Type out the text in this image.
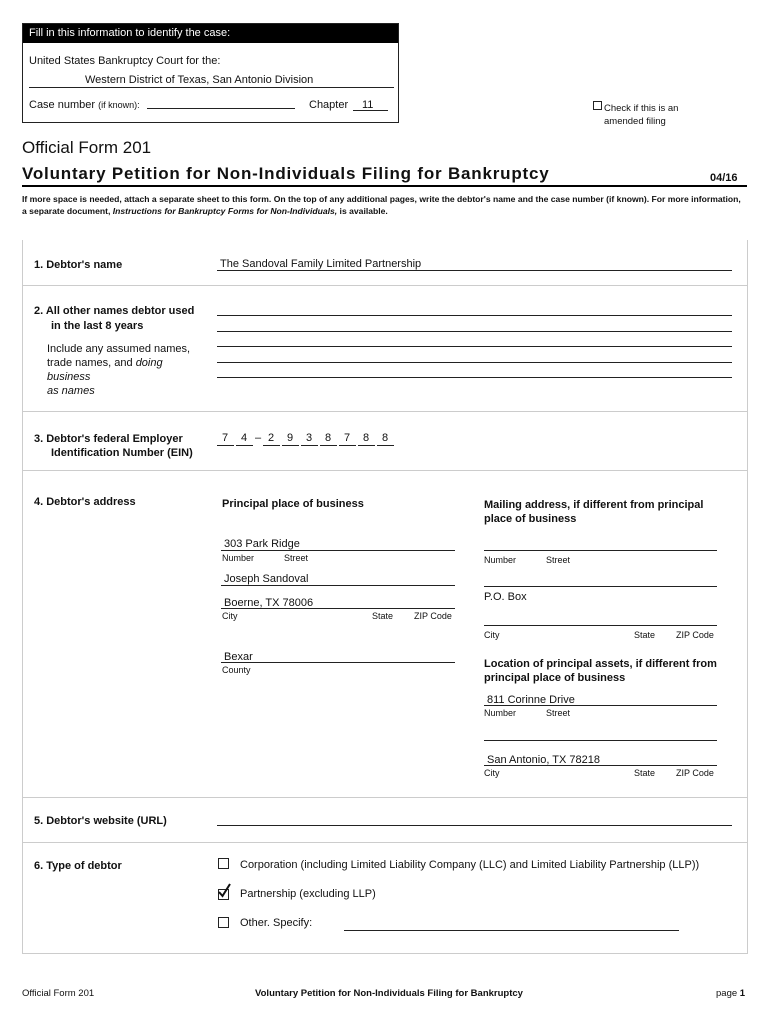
Fill in this information to identify the case:
United States Bankruptcy Court for the:
Western District of Texas, San Antonio Division
Case number (if known):	Chapter 11	Check if this is an
amended filing
Official Form 201
Voluntary Petition for Non-Individuals Filing for Bankruptcy	04/16
If more space is needed, attach a separate sheet to this form. On the top of any additional pages, write the debtor's name and the case number (if known). For more information, a separate document, Instructions for Bankruptcy Forms for Non-Individuals, is available.
1. Debtor's name	The Sandoval Family Limited Partnership
2. All other names debtor used
in the last 8 years
Include any assumed names,
trade names, and doing
business
as names
3. Debtor's federal Employer
Identification Number (EIN)
7 4 – 2 9 3 8 7 8 8
4. Debtor's address	Principal place of business	Mailing address, if different from principal
place of business
303 Park Ridge
Number	Street
Joseph Sandoval
Boerne, TX 78006
City	State ZIP Code
Bexar
County
Number	Street
P.O. Box
City	State ZIP Code
Location of principal assets, if different from
principal place of business
811 Corinne Drive
Number	Street
San Antonio, TX 78218
City	State ZIP Code
5. Debtor's website (URL)
6. Type of debtor	Corporation (including Limited Liability Company (LLC) and Limited Liability Partnership (LLP))
Partnership (excluding LLP)
Other. Specify:
Official Form 201	Voluntary Petition for Non-Individuals Filing for Bankruptcy	page 1
